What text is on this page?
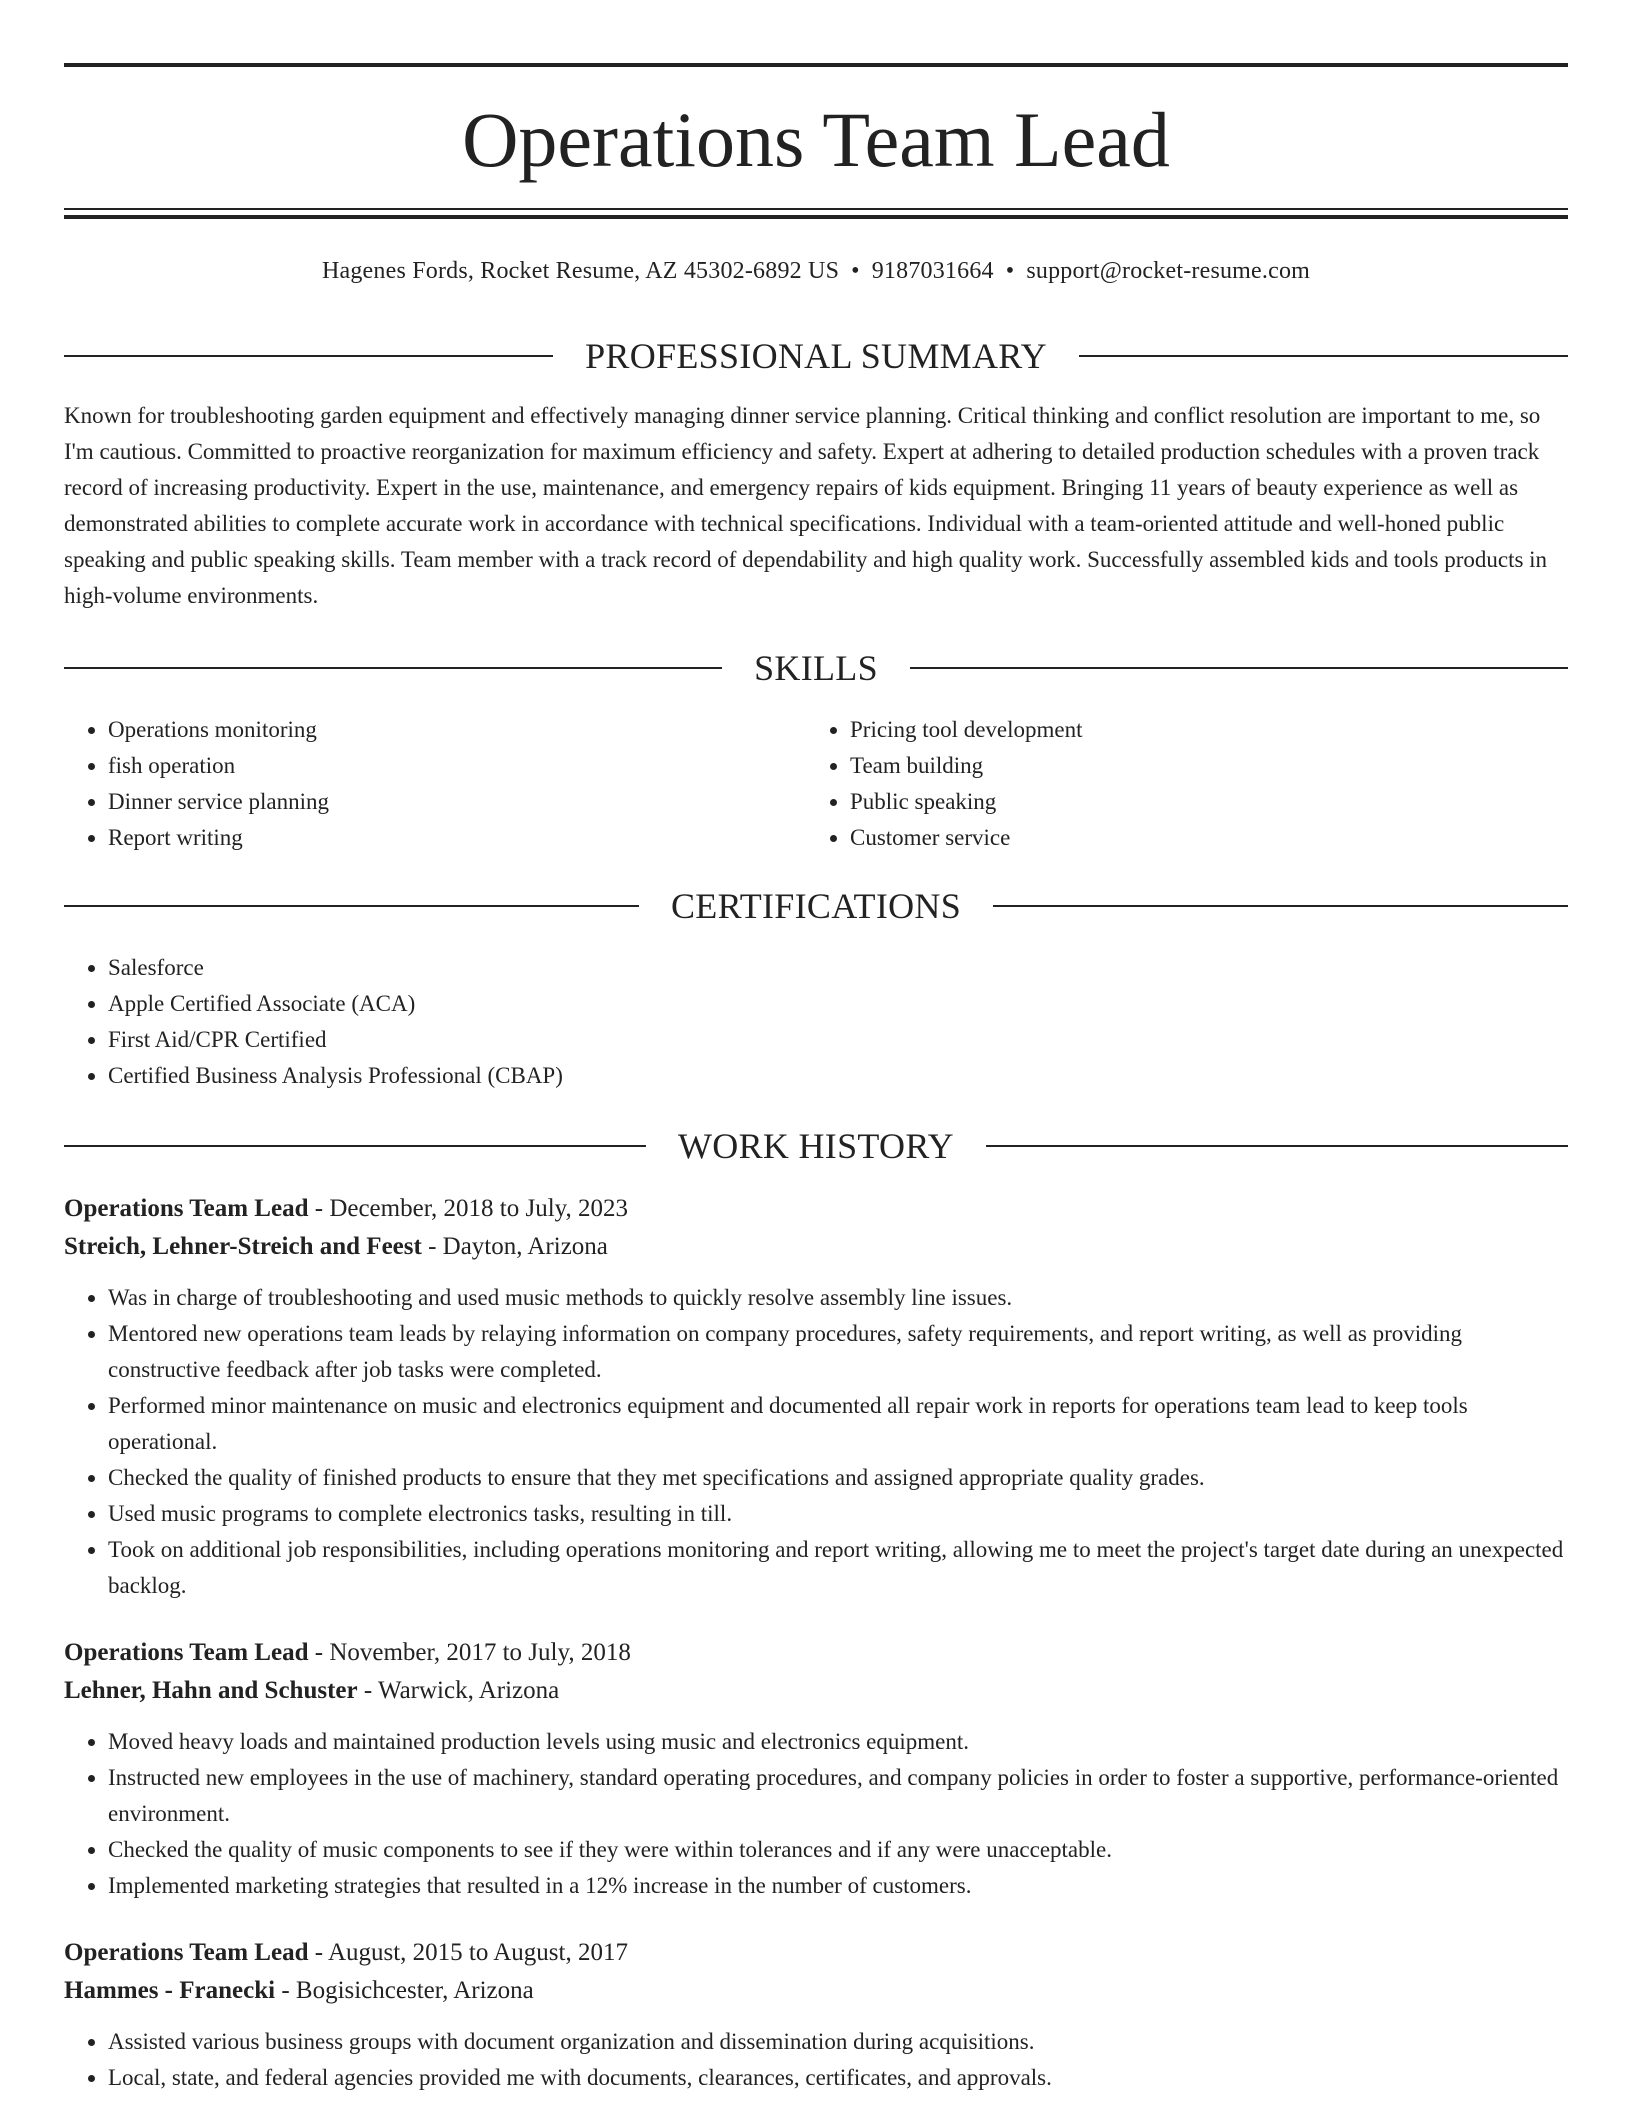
Operations Team Lead
Hagenes Fords, Rocket Resume, AZ 45302-6892 US • 9187031664 • support@rocket-resume.com
PROFESSIONAL SUMMARY

Known for troubleshooting garden equipment and effectively managing dinner service planning. Critical thinking and conflict resolution are important to me, so I'm cautious. Committed to proactive reorganization for maximum efficiency and safety. Expert at adhering to detailed production schedules with a proven track record of increasing productivity. Expert in the use, maintenance, and emergency repairs of kids equipment. Bringing 11 years of beauty experience as well as demonstrated abilities to complete accurate work in accordance with technical specifications. Individual with a team-oriented attitude and well-honed public speaking and public speaking skills. Team member with a track record of dependability and high quality work. Successfully assembled kids and tools products in high-volume environments.

SKILLS
• Operations monitoring
• fish operation
• Dinner service planning
• Report writing
• Pricing tool development
• Team building
• Public speaking
• Customer service
CERTIFICATIONS
• Salesforce
• Apple Certified Associate (ACA)
• First Aid/CPR Certified
• Certified Business Analysis Professional (CBAP)
WORK HISTORY
Operations Team Lead - December, 2018 to July, 2023
Streich, Lehner-Streich and Feest - Dayton, Arizona
• Was in charge of troubleshooting and used music methods to quickly resolve assembly line issues.
• Mentored new operations team leads by relaying information on company procedures, safety requirements, and report writing, as well as providing constructive feedback after job tasks were completed.
• Performed minor maintenance on music and electronics equipment and documented all repair work in reports for operations team lead to keep tools operational.
• Checked the quality of finished products to ensure that they met specifications and assigned appropriate quality grades.
• Used music programs to complete electronics tasks, resulting in till.
• Took on additional job responsibilities, including operations monitoring and report writing, allowing me to meet the project's target date during an unexpected backlog.
Operations Team Lead - November, 2017 to July, 2018
Lehner, Hahn and Schuster - Warwick, Arizona
• Moved heavy loads and maintained production levels using music and electronics equipment.
• Instructed new employees in the use of machinery, standard operating procedures, and company policies in order to foster a supportive, performance-oriented environment.
• Checked the quality of music components to see if they were within tolerances and if any were unacceptable.
• Implemented marketing strategies that resulted in a 12% increase in the number of customers.
Operations Team Lead - August, 2015 to August, 2017
Hammes - Franecki - Bogisichcester, Arizona
• Assisted various business groups with document organization and dissemination during acquisitions.
• Local, state, and federal agencies provided me with documents, clearances, certificates, and approvals.
